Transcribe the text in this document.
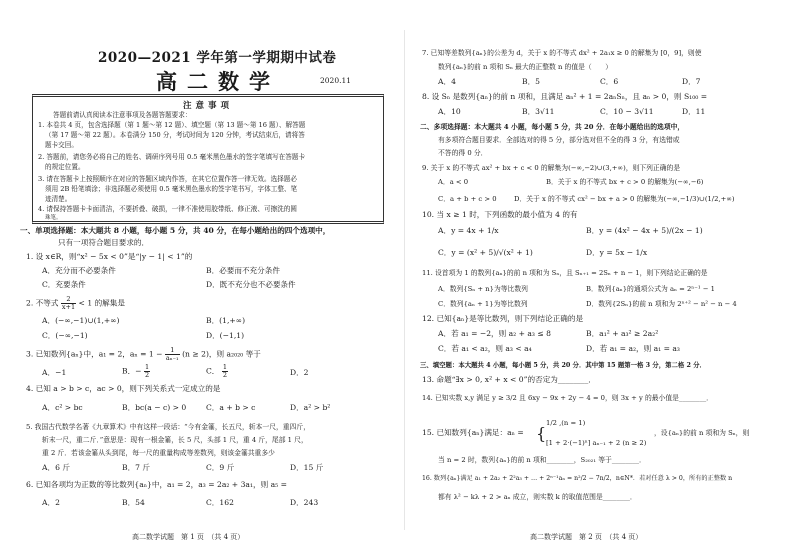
2020—2021 学年第一学期期中试卷
高二数学	2020.11
注意事项
答题前请认真阅读本注意事项及各题答题要求：
1. 本卷共 4 页，包含选择题（第 1 题～第 12 题）、填空题（第 13 题～第 16 题）、解答题
（第 17 题～第 22 题）。本卷满分 150 分，考试时间为 120 分钟，考试结束后，请将答
题卡交回。
2. 答题前，请您务必将自己的姓名、调研序列号用 0.5 毫米黑色墨水的签字笔填写在答题卡
的规定位置。
3. 请在答题卡上按照顺序在对应的答题区域内作答，在其它位置作答一律无效。选择题必
须用 2B 铅笔填涂；非选择题必须使用 0.5 毫米黑色墨水的签字笔书写，字体工整、笔
迹清楚。
4. 请保持答题卡卡面清洁，不要折叠、破损，一律不准使用胶带纸、修正液、可擦洗的圆
珠笔。
一、单项选择题：本大题共 8 小题，每小题 5 分，共 40 分，在每小题给出的四个选项中，
只有一项符合题目要求的．
1. 设 x∈R，则“x² − 5x < 0”是“|y − 1| < 1”的
A．充分而不必要条件	B．必要而不充分条件
C．充要条件	D．既不充分也不必要条件
2. 不等式 $\frac{2}{x+1} < 1$ 的解集是
A．(−∞,−1)∪(1,+∞)	B．(1,+∞)
C．(−∞,−1)	D．(−1,1)
3. 已知数列{aₙ}中，a₁ = 2，$a_n = 1 - \frac{1}{\text{aₙ₋₁}} (n \ge 2)$，则 a₂₀₂₀ 等于
A．−1	B．− $\frac{1}{2}$	C． $\frac{1}{2}$	D．2
4. 已知 a > b > c，ac > 0，则下列关系式一定成立的是
A．c² > bc	B．bc(a − c) > 0	C．a + b > c	D．a² > b²
5. 我国古代数学名著《九章算术》中有这样一段话：“今有金箠，长五尺，斩本一尺，重四斤，
斩末一尺，重二斤．”意思是：现有一根金箠，长 5 尺，头部 1 尺，重 4 斤，尾部 1 尺，
重 2 斤．若该金箠从头到尾，每一尺的重量构成等差数列，则该金箠共重多少
A．6 斤	B．7 斤	C．9 斤	D．15 斤
6. 已知各项均为正数的等比数列{aₙ}中，a₁ = 2，a₃ = 2a₂ + 3a₁，则 a₅ =
A．2	B．54	C．162	D．243
高二数学试题　第 1 页　（共 4 页）
7. 已知等差数列{aₙ}的公差为 d，关于 x 的不等式 dx² + 2a₁x ≥ 0 的解集为 [0，9]，则使
数列{aₙ}的前 n 项和 Sₙ 最大的正整数 n 的值是（　　）
A．4	B．5	C．6	D．7
8. 设 Sₙ 是数列{aₙ}的前 n 项和，且满足 aₙ² + 1 = 2aₙSₙ，且 aₙ > 0，则 S₁₀₀ =
A．10	B．3√11	C．10 − 3√11	D．11
二、多项选择题：本大题共 4 小题，每小题 5 分，共 20 分．在每小题给出的选项中，
有多项符合题目要求．全部选对的得 5 分，部分选对但不全的得 3 分，有选错或
不答的得 0 分．
9. 关于 x 的不等式 ax² + bx + c < 0 的解集为(−∞,−2)∪(3,+∞)，则下列正确的是
A．a < 0	B．关于 x 的不等式 bx + c > 0 的解集为(−∞,−6)
C．a + b + c > 0	D．关于 x 的不等式 cx² − bx + a > 0 的解集为(−∞,−1/3)∪(1/2,+∞)
10. 当 x ≥ 1 时，下列函数的最小值为 4 的有
A．y = 4x + 1/x	B．y = (4x² − 4x + 5)/(2x − 1)
C．y = (x² + 5)/√(x² + 1)	D．y = 5x − 1/x
11. 设首项为 1 的数列{aₙ}的前 n 项和为 Sₙ，且 Sₙ₊₁ = 2Sₙ + n − 1，则下列结论正确的是
A．数列{Sₙ + n}为等比数列	B．数列{aₙ}的通项公式为 aₙ = 2ⁿ⁻¹ − 1
C．数列{aₙ + 1}为等比数列	D．数列{2Sₙ}的前 n 项和为 2ⁿ⁺² − n² − n − 4
12. 已知{aₙ}是等比数列，则下列结论正确的是
A．若 a₁ = −2，则 a₂ + a₃ ≤ 8	B．a₁² + a₃² ≥ 2a₂²
C．若 a₁ < a₂，则 a₃ < a₄	D．若 a₁ = a₂，则 a₁ = a₃
三、填空题：本大题共 4 小题，每小题 5 分，共 20 分．其中第 15 题第一格 3 分，第二格 2 分．
13. 命题“∃x > 0, x² + x < 0”的否定为________．
14. 已知实数 x,y 满足 y ≥ 3/2 且 6xy − 9x + 2y − 4 = 0，则 3x + y 的最小值是________．
15. 已知数列{aₙ}满足：aₙ = {
1/2 ,(n = 1)
[1 + 2·(−1)ⁿ] aₙ₋₁ + 2 (n ≥ 2)
，设{aₙ}的前 n 项和为 Sₙ，则
当 n = 2 时，数列{aₙ}的前 n 项和________，S₂₀₂₁ 等于________．
16. 数列{aₙ}满足 a₁ + 2a₂ + 2²a₃ + … + 2ⁿ⁻¹aₙ = n²/2 − 7n/2，n∈N*．若对任意 λ > 0，所有的正整数 n
都有 λ² − kλ + 2 > aₙ 成立，则实数 k 的取值范围是________．
高二数学试题　第 2 页　（共 4 页）
